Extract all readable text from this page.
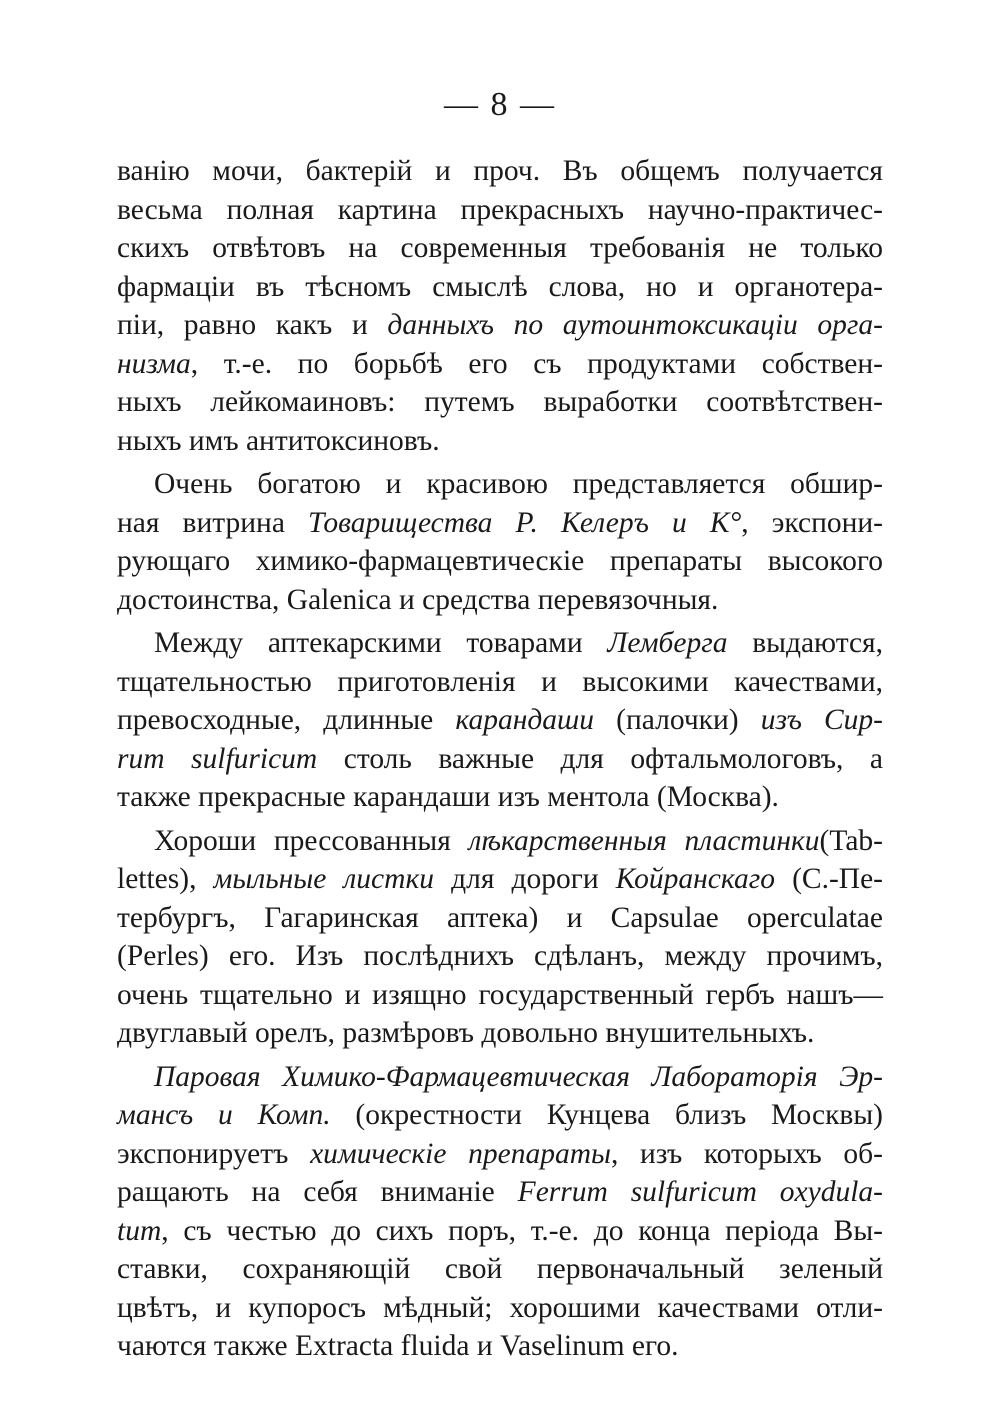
— 8 —
ванію мочи, бактерій и проч. Въ общемъ получается
весьма полная картина прекрасныхъ научно-практичес-
скихъ отвѣтовъ на современныя требованія не только
фармаціи въ тѣсномъ смыслѣ слова, но и органотера-
піи, равно какъ и данныхъ по аутоинтоксикаціи орга-
низма, т.-е. по борьбѣ его съ продуктами собствен-
ныхъ лейкомаиновъ: путемъ выработки соотвѣтствен-
ныхъ имъ антитоксиновъ.
Очень богатою и красивою представляется обшир-
ная витрина Товарищества Р. Келеръ и К°, экспони-
рующаго химико-фармацевтическіе препараты высокого
достоинства, Galenica и средства перевязочныя.
Между аптекарскими товарами Лемберга выдаются,
тщательностью приготовленія и высокими качествами,
превосходные, длинные карандаши (палочки) изъ Cup-
rum sulfuricum столь важные для офтальмологовъ, а
также прекрасные карандаши изъ ментола (Москва).
Хороши прессованныя лѣкарственныя пластинки(Tab-
lettes), мыльные листки для дороги Койранскаго (С.-Пе-
тербургъ, Гагаринская аптека) и Capsulae operculatae
(Perles) его. Изъ послѣднихъ сдѣланъ, между прочимъ,
очень тщательно и изящно государственный гербъ нашъ—
двуглавый орелъ, размѣровъ довольно внушительныхъ.
Паровая Химико-Фармацевтическая Лабораторія Эр-
мансъ и Комп. (окрестности Кунцева близъ Москвы)
экспонируетъ химическіе препараты, изъ которыхъ об-
ращають на себя вниманіе Ferrum sulfuricum oxydula-
tum, съ честью до сихъ поръ, т.-е. до конца періода Вы-
ставки, сохраняющій свой первоначальный зеленый
цвѣтъ, и купоросъ мѣдный; хорошими качествами отли-
чаются также Extracta fluida и Vaselinum его.
